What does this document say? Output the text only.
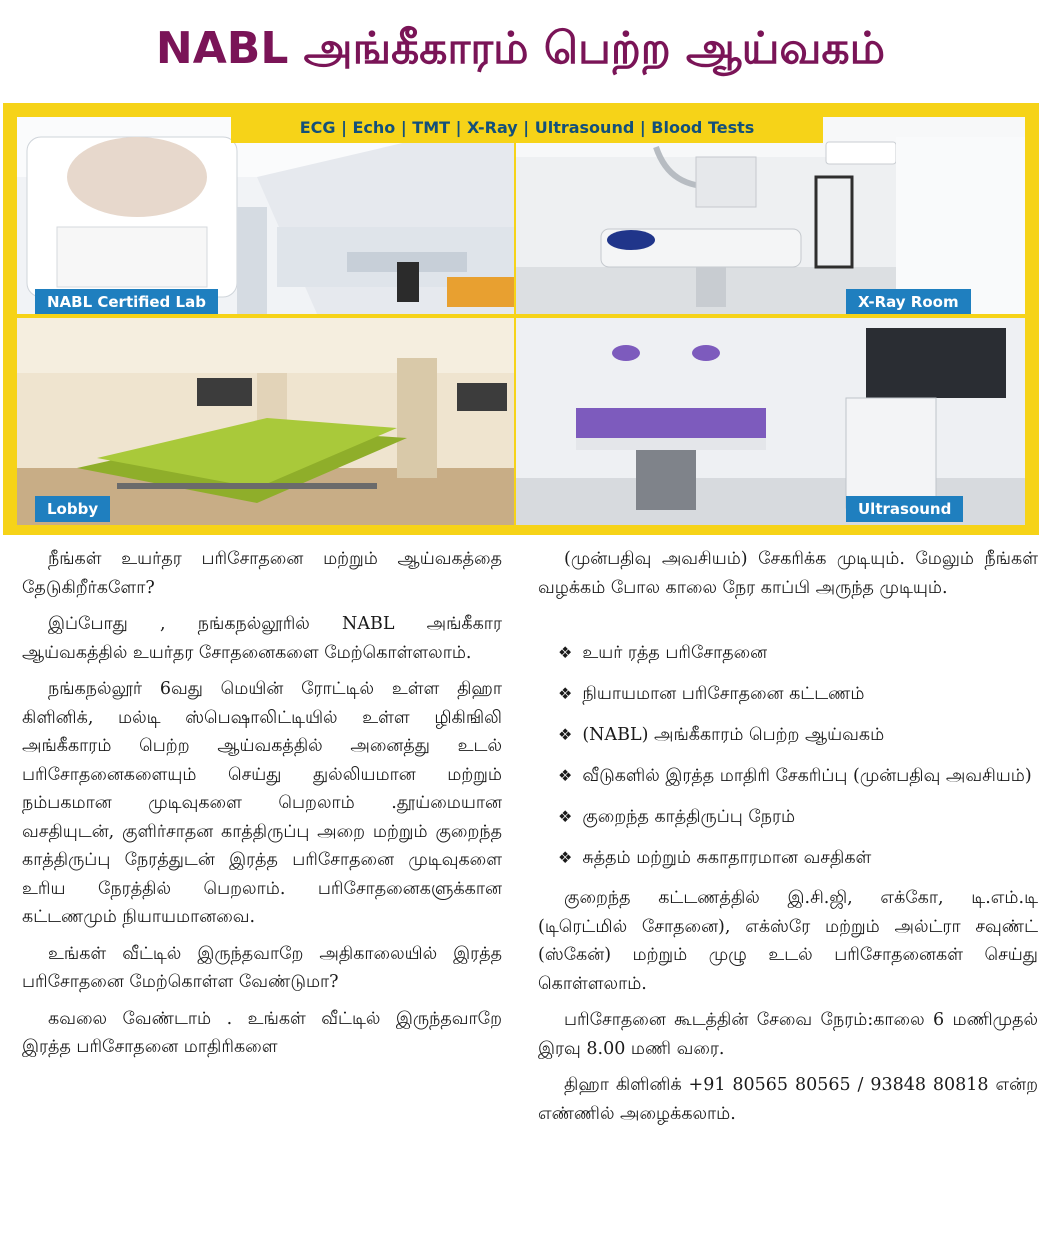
NABL அங்கீகாரம் பெற்ற ஆய்வகம்
ECG | Echo | TMT | X-Ray | Ultrasound | Blood Tests
NABL Certified Lab	X-Ray Room
Lobby	Ultrasound

நீங்கள் உயர்தர பரிசோதனை மற்றும் ஆய்வகத்தை தேடுகிறீர்களோ?

இப்போது , நங்கநல்லூரில் NABL அங்கீகார ஆய்வகத்தில் உயர்தர சோதனைகளை மேற்கொள்ளலாம்.

நங்கநல்லூர் 6வது மெயின் ரோட்டில் உள்ள திஹா கிளினிக், மல்டி ஸ்பெஷாலிட்டியில் உள்ள ழிகிஙிலி அங்கீகாரம் பெற்ற ஆய்வகத்தில் அனைத்து உடல் பரிசோதனைகளையும் செய்து துல்லியமான மற்றும் நம்பகமான முடிவுகளை பெறலாம் .தூய்மையான வசதியுடன், குளிர்சாதன காத்திருப்பு அறை மற்றும் குறைந்த காத்திருப்பு நேரத்துடன் இரத்த பரிசோதனை முடிவுகளை உரிய நேரத்தில் பெறலாம். பரிசோதனைகளுக்கான கட்டணமும் நியாயமானவை.

உங்கள் வீட்டில் இருந்தவாறே அதிகாலையில் இரத்த பரிசோதனை மேற்கொள்ள வேண்டுமா?

கவலை வேண்டாம் . உங்கள் வீட்டில் இருந்தவாறே இரத்த பரிசோதனை மாதிரிகளை

(முன்பதிவு அவசியம்) சேகரிக்க முடியும். மேலும் நீங்கள் வழக்கம் போல காலை நேர காப்பி அருந்த முடியும்.

❖ உயர் ரத்த பரிசோதனை
❖ நியாயமான பரிசோதனை கட்டணம்
❖ (NABL) அங்கீகாரம் பெற்ற ஆய்வகம்
❖ வீடுகளில் இரத்த மாதிரி சேகரிப்பு (முன்பதிவு அவசியம்)
❖ குறைந்த காத்திருப்பு நேரம்
❖ சுத்தம் மற்றும் சுகாதாரமான வசதிகள்

குறைந்த கட்டணத்தில் இ.சி.ஜி, எக்கோ, டி.எம்.டி (டிரெட்மில் சோதனை), எக்ஸ்ரே மற்றும் அல்ட்ரா சவுண்ட் (ஸ்கேன்) மற்றும் முழு உடல் பரிசோதனைகள் செய்து கொள்ளலாம்.

பரிசோதனை கூடத்தின் சேவை நேரம்:காலை 6 மணிமுதல் இரவு 8.00 மணி வரை.

திஹா கிளினிக் +91 80565 80565 / 93848 80818 என்ற எண்ணில் அழைக்கலாம்.
